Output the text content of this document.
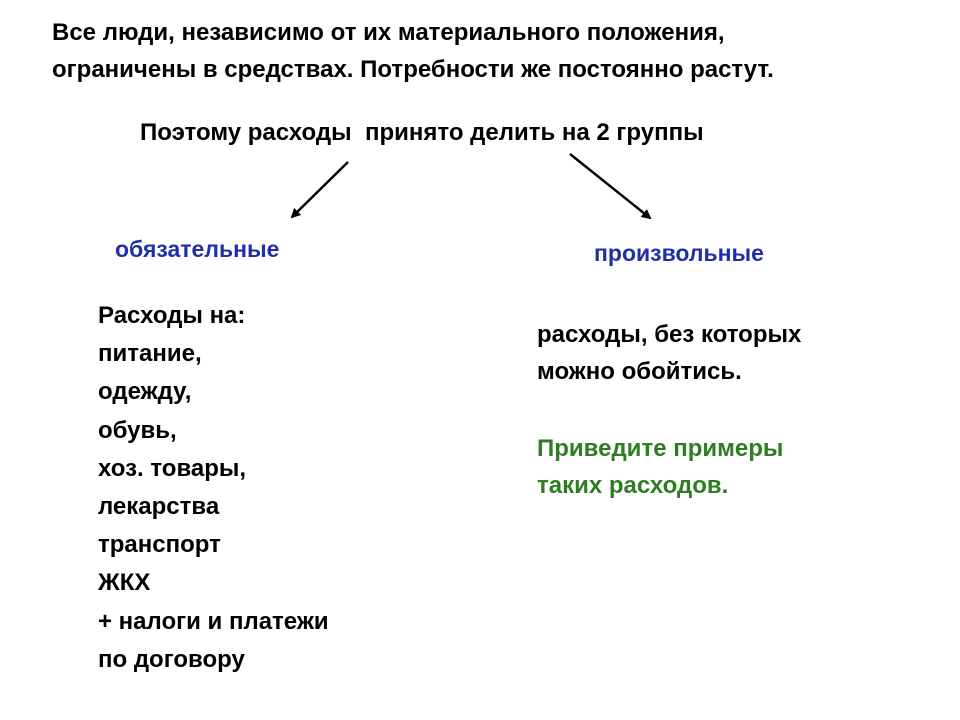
Все люди, независимо от их материального положения,

ограничены в средствах. Потребности же постоянно растут.

Поэтому расходы  принято делить на 2 группы
обязательные	произвольные
Расходы на:
питание,
одежду,
обувь,
хоз. товары,
лекарства
транспорт
ЖКХ
+ налоги и платежи
по договору

расходы, без которых

можно обойтись.

Приведите примеры

таких расходов.
